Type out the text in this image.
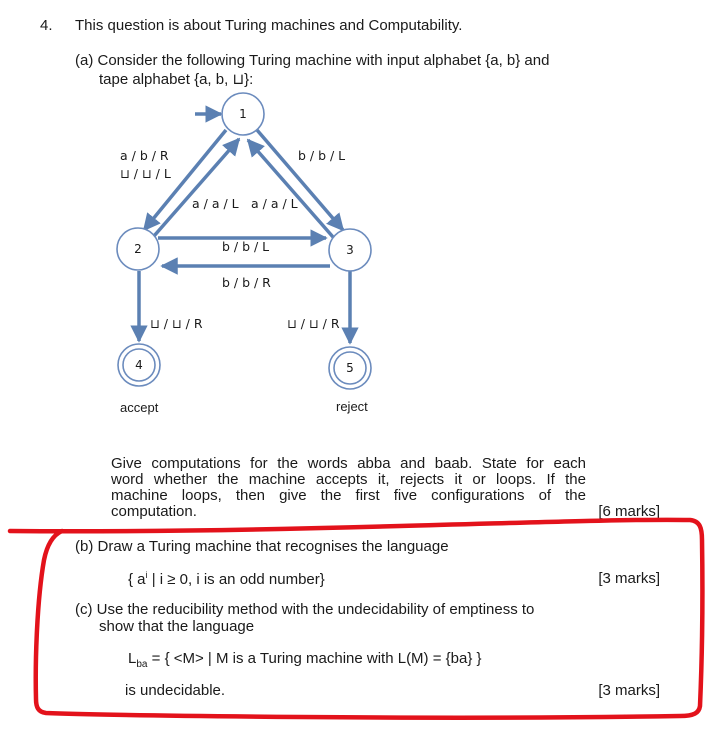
4. This question is about Turing machines and Computability.
(a) Consider the following Turing machine with input alphabet {a, b} and
tape alphabet {a, b, ⊔}:
1
2	3
4	5
a / b / R
⊔ / ⊔ / L
b / b / L
a / a / L a / a / L
b / b / L
b / b / R
⊔ / ⊔ / R	⊔ / ⊔ / R
accept	reject
Give computations for the words abba and baab. State for each
word whether the machine accepts it, rejects it or loops. If the
machine loops, then give the first five configurations of the
computation.	[6 marks]
(b) Draw a Turing machine that recognises the language
{ $a^i$ | i ≥ 0, i is an odd number}	[3 marks]
(c) Use the reducibility method with the undecidability of emptiness to
show that the language
$L_{ba}$ = { <M> | M is a Turing machine with L(M) = {ba} }
is undecidable.	[3 marks]
